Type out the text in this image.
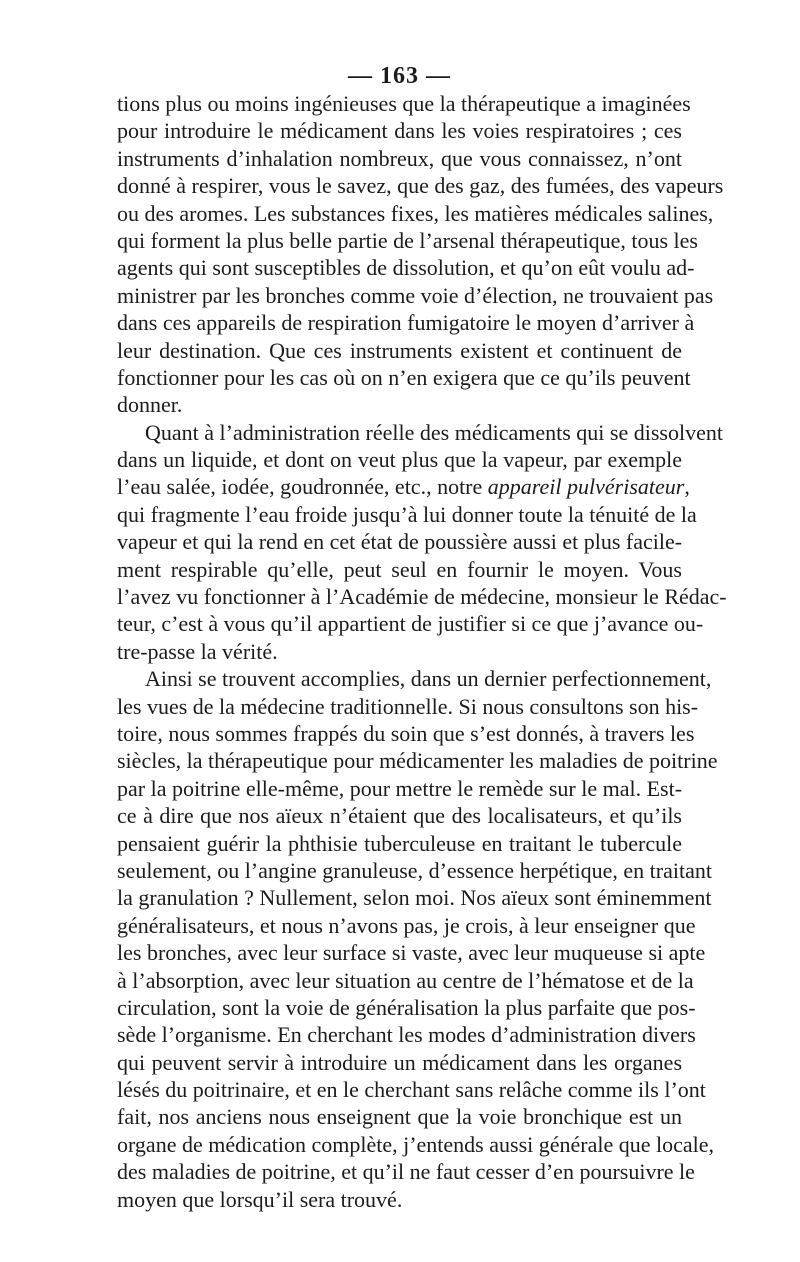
— 163 —
tions plus ou moins ingénieuses que la thérapeutique a imaginées
pour introduire le médicament dans les voies respiratoires ; ces
instruments d’inhalation nombreux, que vous connaissez, n’ont
donné à respirer, vous le savez, que des gaz, des fumées, des vapeurs
ou des aromes. Les substances fixes, les matières médicales salines,
qui forment la plus belle partie de l’arsenal thérapeutique, tous les
agents qui sont susceptibles de dissolution, et qu’on eût voulu ad-
ministrer par les bronches comme voie d’élection, ne trouvaient pas
dans ces appareils de respiration fumigatoire le moyen d’arriver à
leur destination. Que ces instruments existent et continuent de
fonctionner pour les cas où on n’en exigera que ce qu’ils peuvent
donner.
Quant à l’administration réelle des médicaments qui se dissolvent
dans un liquide, et dont on veut plus que la vapeur, par exemple
l’eau salée, iodée, goudronnée, etc., notre appareil pulvérisateur,
qui fragmente l’eau froide jusqu’à lui donner toute la ténuité de la
vapeur et qui la rend en cet état de poussière aussi et plus facile-
ment respirable qu’elle, peut seul en fournir le moyen. Vous
l’avez vu fonctionner à l’Académie de médecine, monsieur le Rédac-
teur, c’est à vous qu’il appartient de justifier si ce que j’avance ou-
tre-passe la vérité.
Ainsi se trouvent accomplies, dans un dernier perfectionnement,
les vues de la médecine traditionnelle. Si nous consultons son his-
toire, nous sommes frappés du soin que s’est donnés, à travers les
siècles, la thérapeutique pour médicamenter les maladies de poitrine
par la poitrine elle-même, pour mettre le remède sur le mal. Est-
ce à dire que nos aïeux n’étaient que des localisateurs, et qu’ils
pensaient guérir la phthisie tuberculeuse en traitant le tubercule
seulement, ou l’angine granuleuse, d’essence herpétique, en traitant
la granulation ? Nullement, selon moi. Nos aïeux sont éminemment
généralisateurs, et nous n’avons pas, je crois, à leur enseigner que
les bronches, avec leur surface si vaste, avec leur muqueuse si apte
à l’absorption, avec leur situation au centre de l’hématose et de la
circulation, sont la voie de généralisation la plus parfaite que pos-
sède l’organisme. En cherchant les modes d’administration divers
qui peuvent servir à introduire un médicament dans les organes
lésés du poitrinaire, et en le cherchant sans relâche comme ils l’ont
fait, nos anciens nous enseignent que la voie bronchique est un
organe de médication complète, j’entends aussi générale que locale,
des maladies de poitrine, et qu’il ne faut cesser d’en poursuivre le
moyen que lorsqu’il sera trouvé.
